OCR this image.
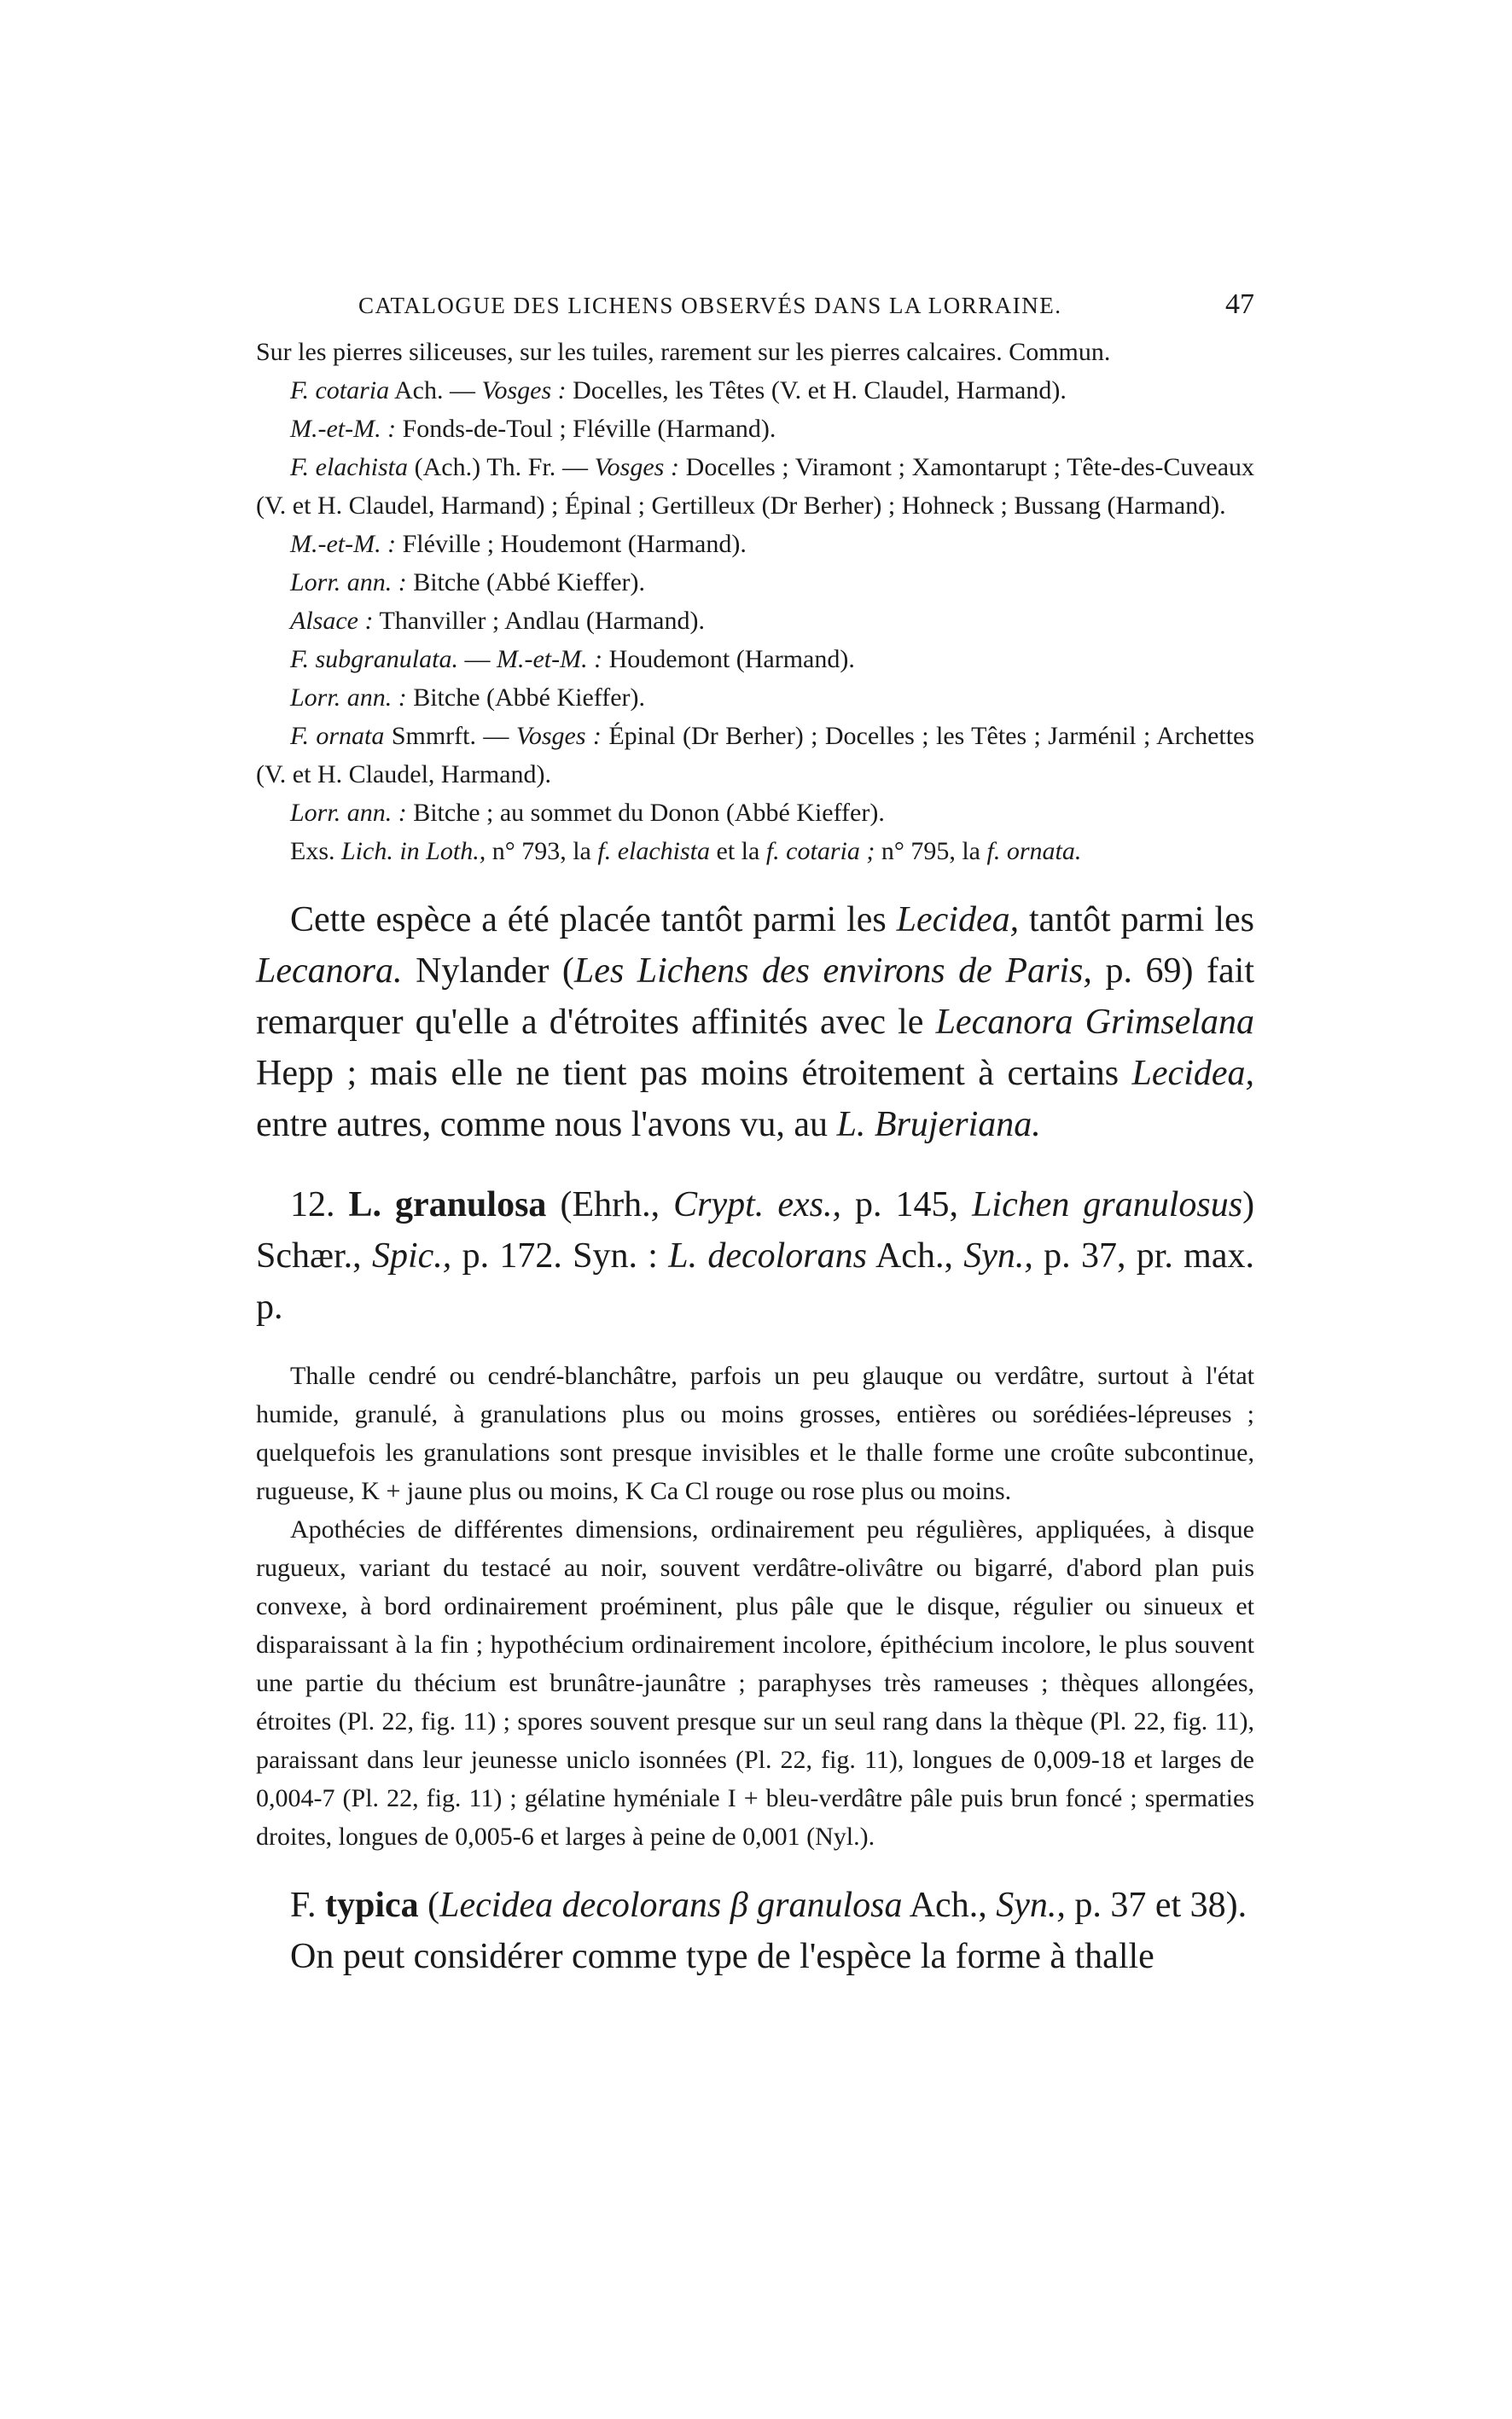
CATALOGUE DES LICHENS OBSERVÉS DANS LA LORRAINE.	47

Sur les pierres siliceuses, sur les tuiles, rarement sur les pierres calcaires. Commun.

F. cotaria Ach. — Vosges : Docelles, les Têtes (V. et H. Claudel, Harmand).

M.-et-M. : Fonds-de-Toul ; Fléville (Harmand).

F. elachista (Ach.) Th. Fr. — Vosges : Docelles ; Viramont ; Xamontarupt ; Tête-des-Cuveaux (V. et H. Claudel, Harmand) ; Épinal ; Gertilleux (Dr Berher) ; Hohneck ; Bussang (Harmand).

M.-et-M. : Fléville ; Houdemont (Harmand).

Lorr. ann. : Bitche (Abbé Kieffer).

Alsace : Thanviller ; Andlau (Harmand).

F. subgranulata. — M.-et-M. : Houdemont (Harmand).

Lorr. ann. : Bitche (Abbé Kieffer).

F. ornata Smmrft. — Vosges : Épinal (Dr Berher) ; Docelles ; les Têtes ; Jarménil ; Archettes (V. et H. Claudel, Harmand).

Lorr. ann. : Bitche ; au sommet du Donon (Abbé Kieffer).

Exs. Lich. in Loth., n° 793, la f. elachista et la f. cotaria ; n° 795, la f. ornata.

Cette espèce a été placée tantôt parmi les Lecidea, tantôt parmi les Lecanora. Nylander (Les Lichens des environs de Paris, p. 69) fait remarquer qu'elle a d'étroites affinités avec le Lecanora Grimselana Hepp ; mais elle ne tient pas moins étroitement à certains Lecidea, entre autres, comme nous l'avons vu, au L. Brujeriana.

12. L. granulosa (Ehrh., Crypt. exs., p. 145, Lichen granulosus) Schær., Spic., p. 172. Syn. : L. decolorans Ach., Syn., p. 37, pr. max. p.

Thalle cendré ou cendré-blanchâtre, parfois un peu glauque ou verdâtre, surtout à l'état humide, granulé, à granulations plus ou moins grosses, entières ou sorédiées-lépreuses ; quelquefois les granulations sont presque invisibles et le thalle forme une croûte subcontinue, rugueuse, K + jaune plus ou moins, K Ca Cl rouge ou rose plus ou moins.

Apothécies de différentes dimensions, ordinairement peu régulières, appliquées, à disque rugueux, variant du testacé au noir, souvent verdâtre-olivâtre ou bigarré, d'abord plan puis convexe, à bord ordinairement proéminent, plus pâle que le disque, régulier ou sinueux et disparaissant à la fin ; hypothécium ordinairement incolore, épithécium incolore, le plus souvent une partie du thécium est brunâtre-jaunâtre ; paraphyses très rameuses ; thèques allongées, étroites (Pl. 22, fig. 11) ; spores souvent presque sur un seul rang dans la thèque (Pl. 22, fig. 11), paraissant dans leur jeunesse uniclo isonnées (Pl. 22, fig. 11), longues de 0,009-18 et larges de 0,004-7 (Pl. 22, fig. 11) ; gélatine hyméniale I + bleu-verdâtre pâle puis brun foncé ; spermaties droites, longues de 0,005-6 et larges à peine de 0,001 (Nyl.).

F. typica (Lecidea decolorans β granulosa Ach., Syn., p. 37 et 38).

On peut considérer comme type de l'espèce la forme à thalle
